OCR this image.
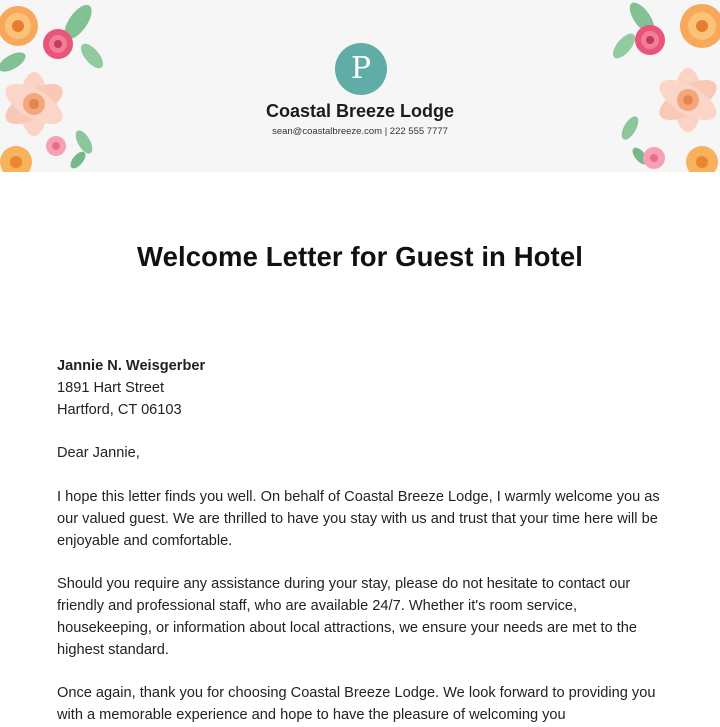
P
Coastal Breeze Lodge
sean@coastalbreeze.com | 222 555 7777
Welcome Letter for Guest in Hotel

Jannie N. Weisgerber

1891 Hart Street

Hartford, CT 06103

Dear Jannie,

I hope this letter finds you well. On behalf of Coastal Breeze Lodge, I warmly welcome you as our valued guest. We are thrilled to have you stay with us and trust that your time here will be enjoyable and comfortable.

Should you require any assistance during your stay, please do not hesitate to contact our friendly and professional staff, who are available 24/7. Whether it's room service, housekeeping, or information about local attractions, we ensure your needs are met to the highest standard.

Once again, thank you for choosing Coastal Breeze Lodge. We look forward to providing you with a memorable experience and hope to have the pleasure of welcoming you
